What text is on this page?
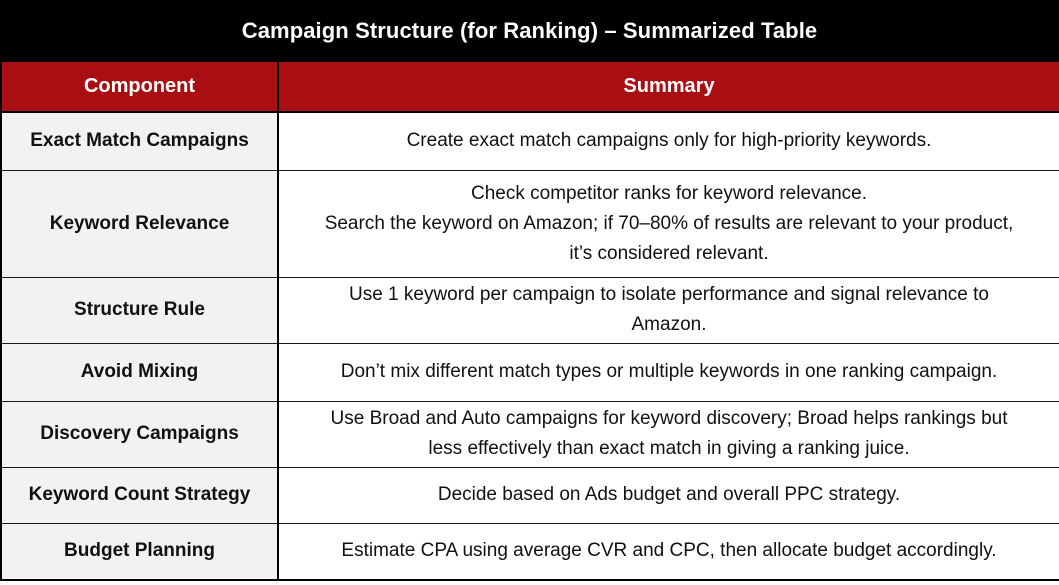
Campaign Structure (for Ranking) – Summarized Table
Component	Summary
Exact Match Campaigns	Create exact match campaigns only for high-priority keywords.

Keyword Relevance	Check competitor ranks for keyword relevance.
Search the keyword on Amazon; if 70–80% of results are relevant to your product,
it’s considered relevant.

Structure Rule	Use 1 keyword per campaign to isolate performance and signal relevance to
Amazon.

Avoid Mixing	Don’t mix different match types or multiple keywords in one ranking campaign.

Discovery Campaigns	Use Broad and Auto campaigns for keyword discovery; Broad helps rankings but
less effectively than exact match in giving a ranking juice.

Keyword Count Strategy	Decide based on Ads budget and overall PPC strategy.

Budget Planning	Estimate CPA using average CVR and CPC, then allocate budget accordingly.
